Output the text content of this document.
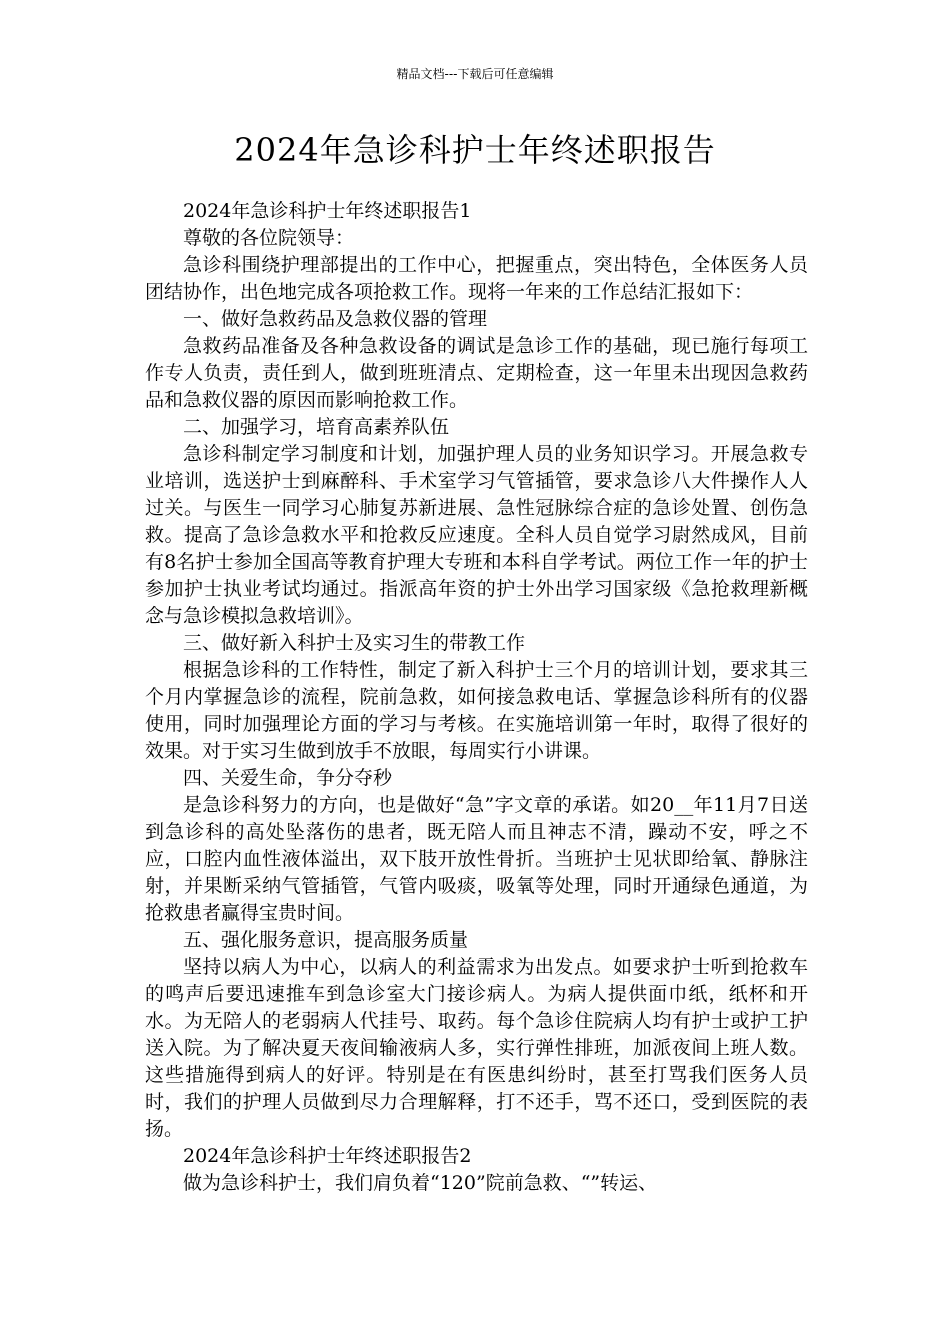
精品文档---下载后可任意编辑
2024年急诊科护士年终述职报告

2024年急诊科护士年终述职报告1

尊敬的各位院领导：

急诊科围绕护理部提出的工作中心，把握重点，突出特色，全体医务人员团结协作，出色地完成各项抢救工作。现将一年来的工作总结汇报如下：

一、做好急救药品及急救仪器的管理

急救药品准备及各种急救设备的调试是急诊工作的基础，现已施行每项工作专人负责，责任到人，做到班班清点、定期检查，这一年里未出现因急救药品和急救仪器的原因而影响抢救工作。

二、加强学习，培育高素养队伍

急诊科制定学习制度和计划，加强护理人员的业务知识学习。开展急救专业培训，选送护士到麻醉科、手术室学习气管插管，要求急诊八大件操作人人过关。与医生一同学习心肺复苏新进展、急性冠脉综合症的急诊处置、创伤急救。提高了急诊急救水平和抢救反应速度。全科人员自觉学习尉然成风，目前有8名护士参加全国高等教育护理大专班和本科自学考试。两位工作一年的护士参加护士执业考试均通过。指派高年资的护士外出学习国家级《急抢救理新概念与急诊模拟急救培训》。

三、做好新入科护士及实习生的带教工作

根据急诊科的工作特性，制定了新入科护士三个月的培训计划，要求其三个月内掌握急诊的流程，院前急救，如何接急救电话、掌握急诊科所有的仪器使用，同时加强理论方面的学习与考核。在实施培训第一年时，取得了很好的效果。对于实习生做到放手不放眼，每周实行小讲课。

四、关爱生命，争分夺秒

是急诊科努力的方向，也是做好“急”字文章的承诺。如20__年11月7日送到急诊科的高处坠落伤的患者，既无陪人而且神志不清，躁动不安，呼之不应，口腔内血性液体溢出，双下肢开放性骨折。当班护士见状即给氧、静脉注射，并果断采纳气管插管，气管内吸痰，吸氧等处理，同时开通绿色通道，为抢救患者赢得宝贵时间。

五、强化服务意识，提高服务质量

坚持以病人为中心，以病人的利益需求为出发点。如要求护士听到抢救车的鸣声后要迅速推车到急诊室大门接诊病人。为病人提供面巾纸，纸杯和开水。为无陪人的老弱病人代挂号、取药。每个急诊住院病人均有护士或护工护送入院。为了解决夏天夜间输液病人多，实行弹性排班，加派夜间上班人数。这些措施得到病人的好评。特别是在有医患纠纷时，甚至打骂我们医务人员时，我们的护理人员做到尽力合理解释，打不还手，骂不还口，受到医院的表扬。

2024年急诊科护士年终述职报告2

做为急诊科护士，我们肩负着“120”院前急救、“”转运、
